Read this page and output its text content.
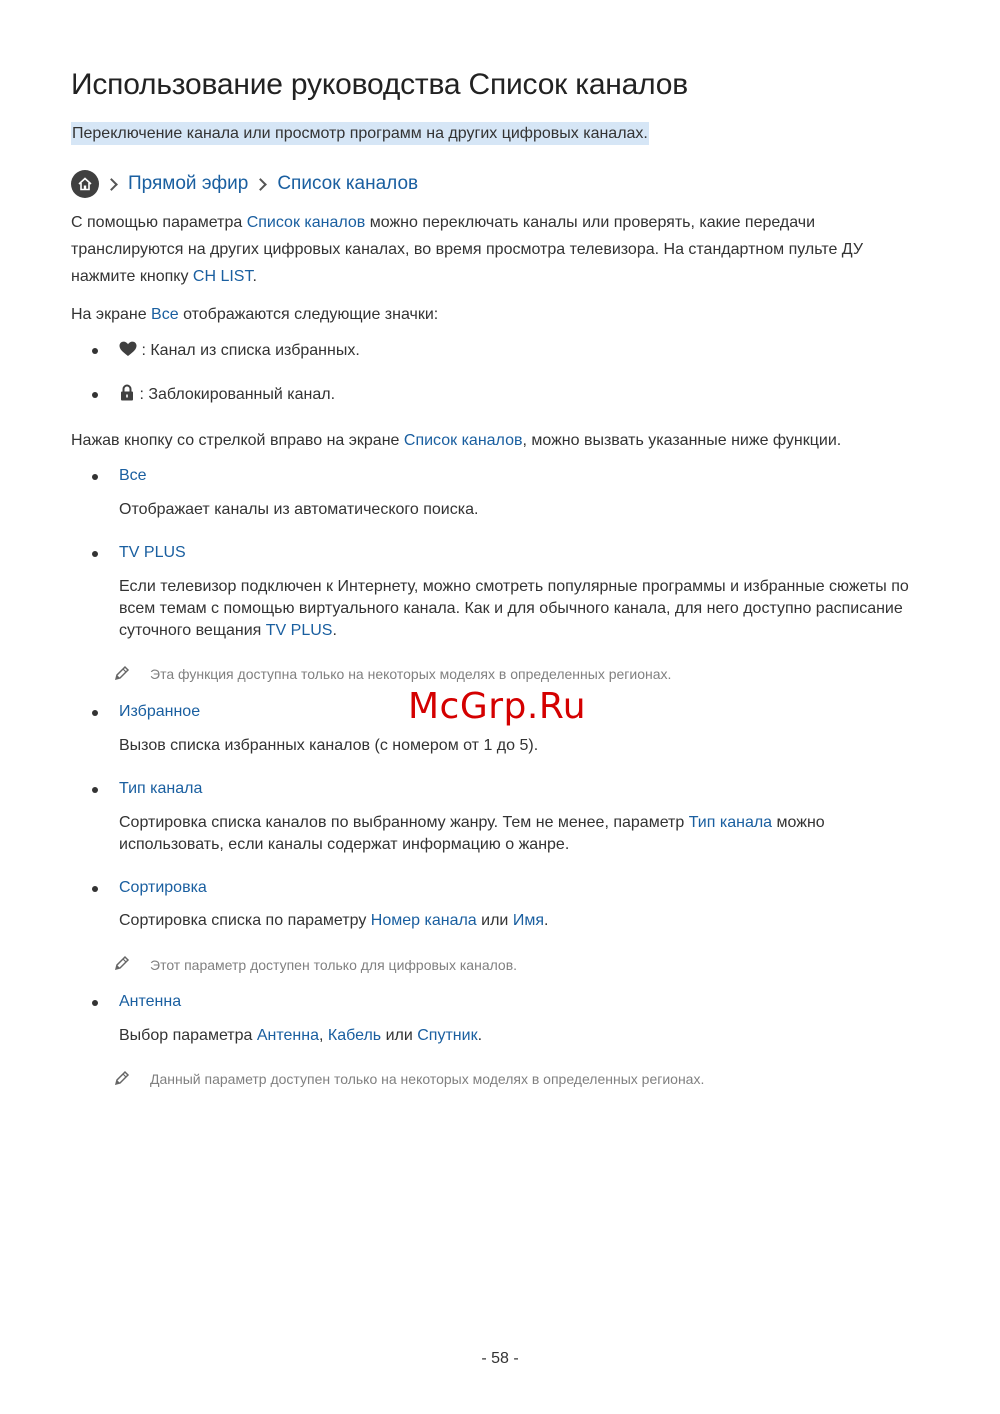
Использование руководства Список каналов
Переключение канала или просмотр программ на других цифровых каналах.
Прямой эфир Список каналов

С помощью параметра Список каналов можно переключать каналы или проверять, какие передачи транслируются на других цифровых каналах, во время просмотра телевизора. На стандартном пульте ДУ нажмите кнопку CH LIST.

На экране Все отображаются следующие значки:

: Канал из списка избранных.
: Заблокированный канал.

Нажав кнопку со стрелкой вправо на экране Список каналов, можно вызвать указанные ниже функции.

Все

Отображает каналы из автоматического поиска.

TV PLUS

Если телевизор подключен к Интернету, можно смотреть популярные программы и избранные сюжеты по всем темам с помощью виртуального канала. Как и для обычного канала, для него доступно расписание суточного вещания TV PLUS.

Эта функция доступна только на некоторых моделях в определенных регионах.
McGrp.Ru
Избранное

Вызов списка избранных каналов (с номером от 1 до 5).

Тип канала

Сортировка списка каналов по выбранному жанру. Тем не менее, параметр Тип канала можно использовать, если каналы содержат информацию о жанре.

Сортировка

Сортировка списка по параметру Номер канала или Имя.

Этот параметр доступен только для цифровых каналов.
Антенна

Выбор параметра Антенна, Кабель или Спутник.

Данный параметр доступен только на некоторых моделях в определенных регионах.
- 58 -
